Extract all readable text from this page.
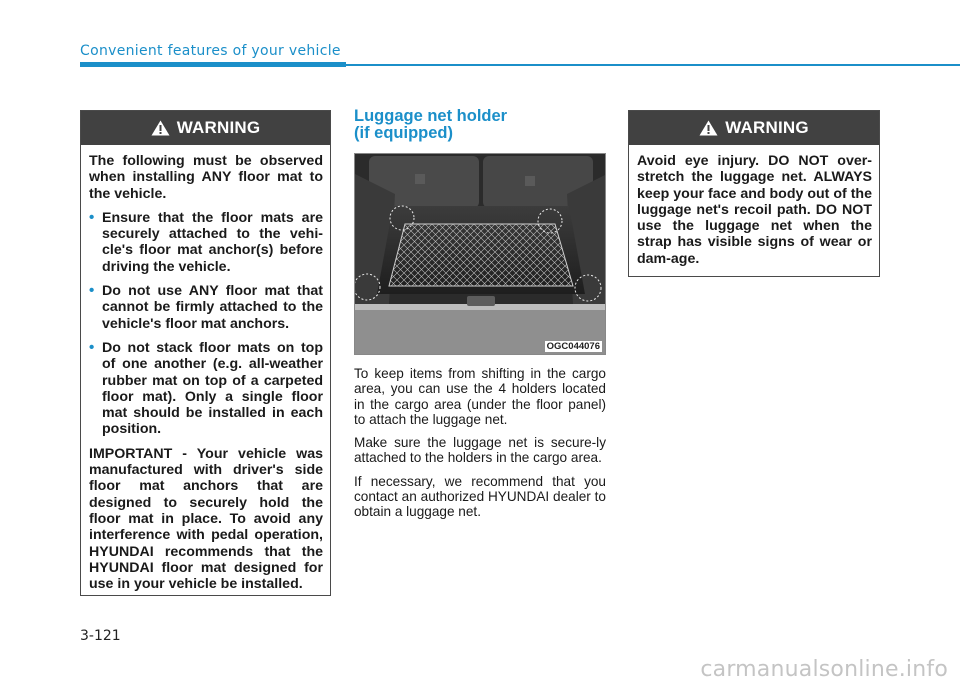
Convenient features of your vehicle
WARNING

The following must be observed when installing ANY floor mat to the vehicle.

• Ensure that the floor mats are securely attached to the vehi-cle's floor mat anchor(s) before driving the vehicle.
• Do not use ANY floor mat that cannot be firmly attached to the vehicle's floor mat anchors.
• Do not stack floor mats on top of one another (e.g. all-weather rubber mat on top of a carpeted floor mat). Only a single floor mat should be installed in each position.

IMPORTANT - Your vehicle was manufactured with driver's side floor mat anchors that are designed to securely hold the floor mat in place. To avoid any interference with pedal operation, HYUNDAI recommends that the HYUNDAI floor mat designed for use in your vehicle be installed.

Luggage net holder
(if equipped)
OGC044076

To keep items from shifting in the cargo area, you can use the 4 holders located in the cargo area (under the floor panel) to attach the luggage net.

Make sure the luggage net is secure-ly attached to the holders in the cargo area.

If necessary, we recommend that you contact an authorized HYUNDAI dealer to obtain a luggage net.

WARNING

Avoid eye injury. DO NOT over-stretch the luggage net. ALWAYS keep your face and body out of the luggage net's recoil path. DO NOT use the luggage net when the strap has visible signs of wear or dam-age.

3-121
carmanualsonline.info
